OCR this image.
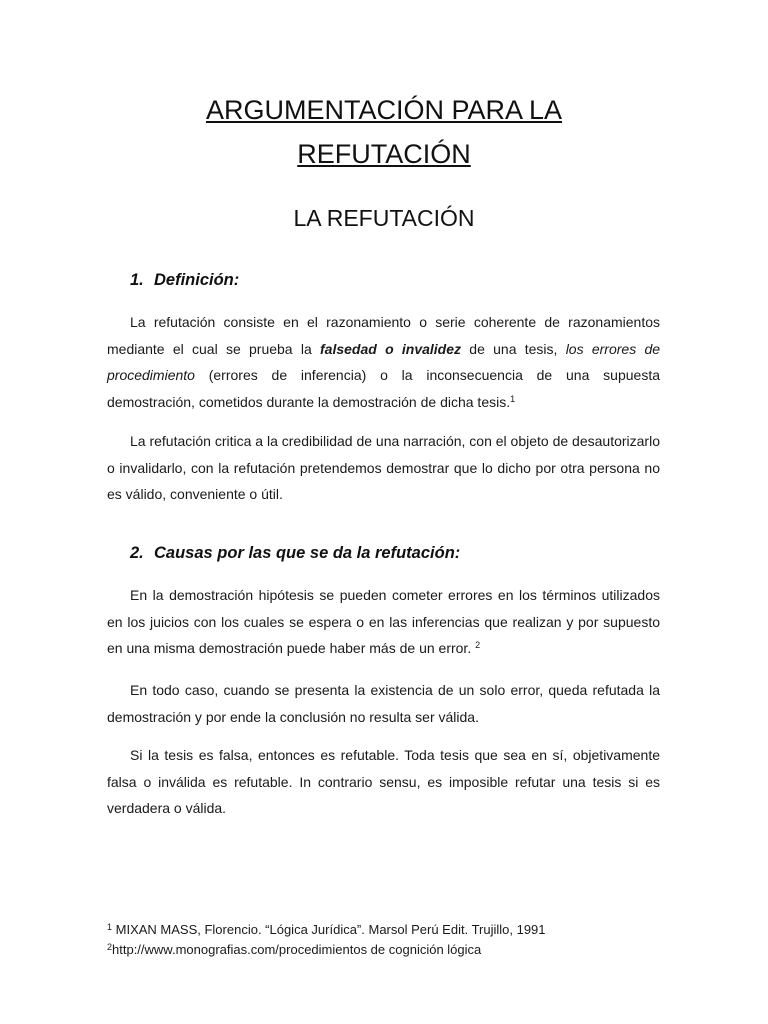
ARGUMENTACIÓN PARA LA
REFUTACIÓN
LA REFUTACIÓN
1. Definición:

La refutación consiste en el razonamiento o serie coherente de razonamientos mediante el cual se prueba la falsedad o invalidez de una tesis, los errores de procedimiento (errores de inferencia) o la inconsecuencia de una supuesta demostración, cometidos durante la demostración de dicha tesis.$^1$

La refutación critica a la credibilidad de una narración, con el objeto de desautorizarlo o invalidarlo, con la refutación pretendemos demostrar que lo dicho por otra persona no es válido, conveniente o útil.

2. Causas por las que se da la refutación:

En la demostración hipótesis se pueden cometer errores en los términos utilizados en los juicios con los cuales se espera o en las inferencias que realizan y por supuesto en una misma demostración puede haber más de un error. $^2$

En todo caso, cuando se presenta la existencia de un solo error, queda refutada la demostración y por ende la conclusión no resulta ser válida.

Si la tesis es falsa, entonces es refutable. Toda tesis que sea en sí, objetivamente falsa o inválida es refutable. In contrario sensu, es imposible refutar una tesis si es verdadera o válida.

$^1$ MIXAN MASS, Florencio. “Lógica Jurídica”. Marsol Perú Edit. Trujillo, 1991
$^2$http://www.monografias.com/procedimientos de cognición lógica
